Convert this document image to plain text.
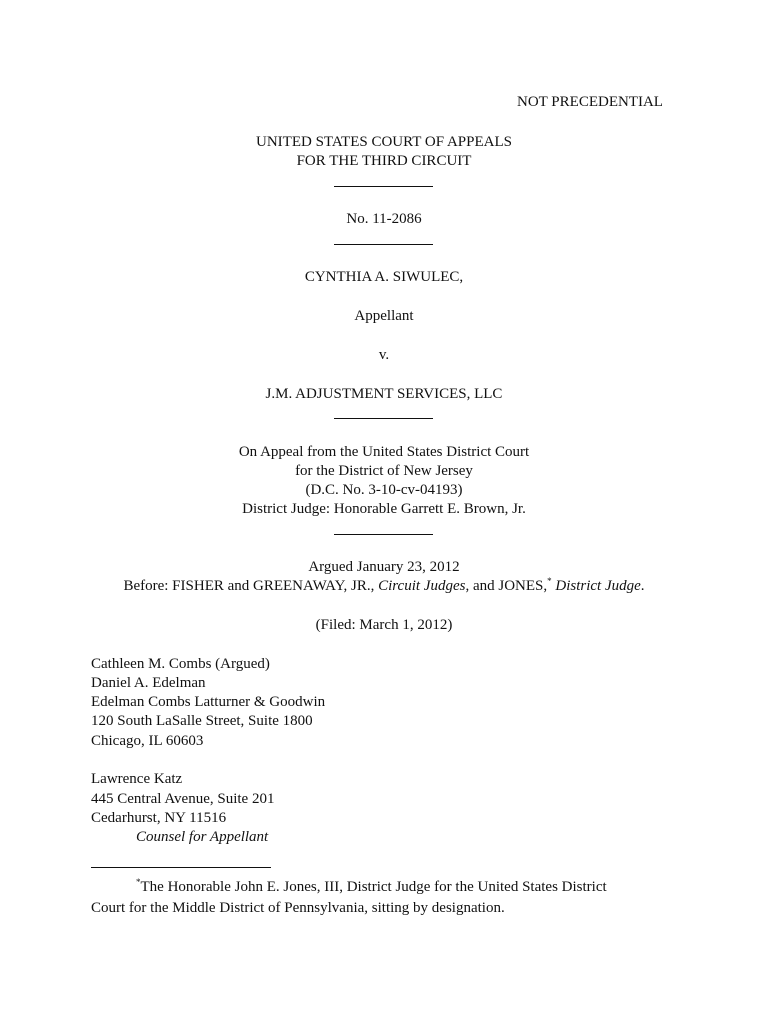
NOT PRECEDENTIAL
UNITED STATES COURT OF APPEALS
FOR THE THIRD CIRCUIT
No. 11-2086
CYNTHIA A. SIWULEC,
Appellant
v.
J.M. ADJUSTMENT SERVICES, LLC
On Appeal from the United States District Court
for the District of New Jersey
(D.C. No. 3-10-cv-04193)
District Judge: Honorable Garrett E. Brown, Jr.
Argued January 23, 2012
Before: FISHER and GREENAWAY, JR., Circuit Judges, and JONES,* District Judge.
(Filed: March 1, 2012)
Cathleen M. Combs (Argued)
Daniel A. Edelman
Edelman Combs Latturner & Goodwin
120 South LaSalle Street, Suite 1800
Chicago, IL 60603
Lawrence Katz
445 Central Avenue, Suite 201
Cedarhurst, NY 11516
Counsel for Appellant
*The Honorable John E. Jones, III, District Judge for the United States District
Court for the Middle District of Pennsylvania, sitting by designation.
